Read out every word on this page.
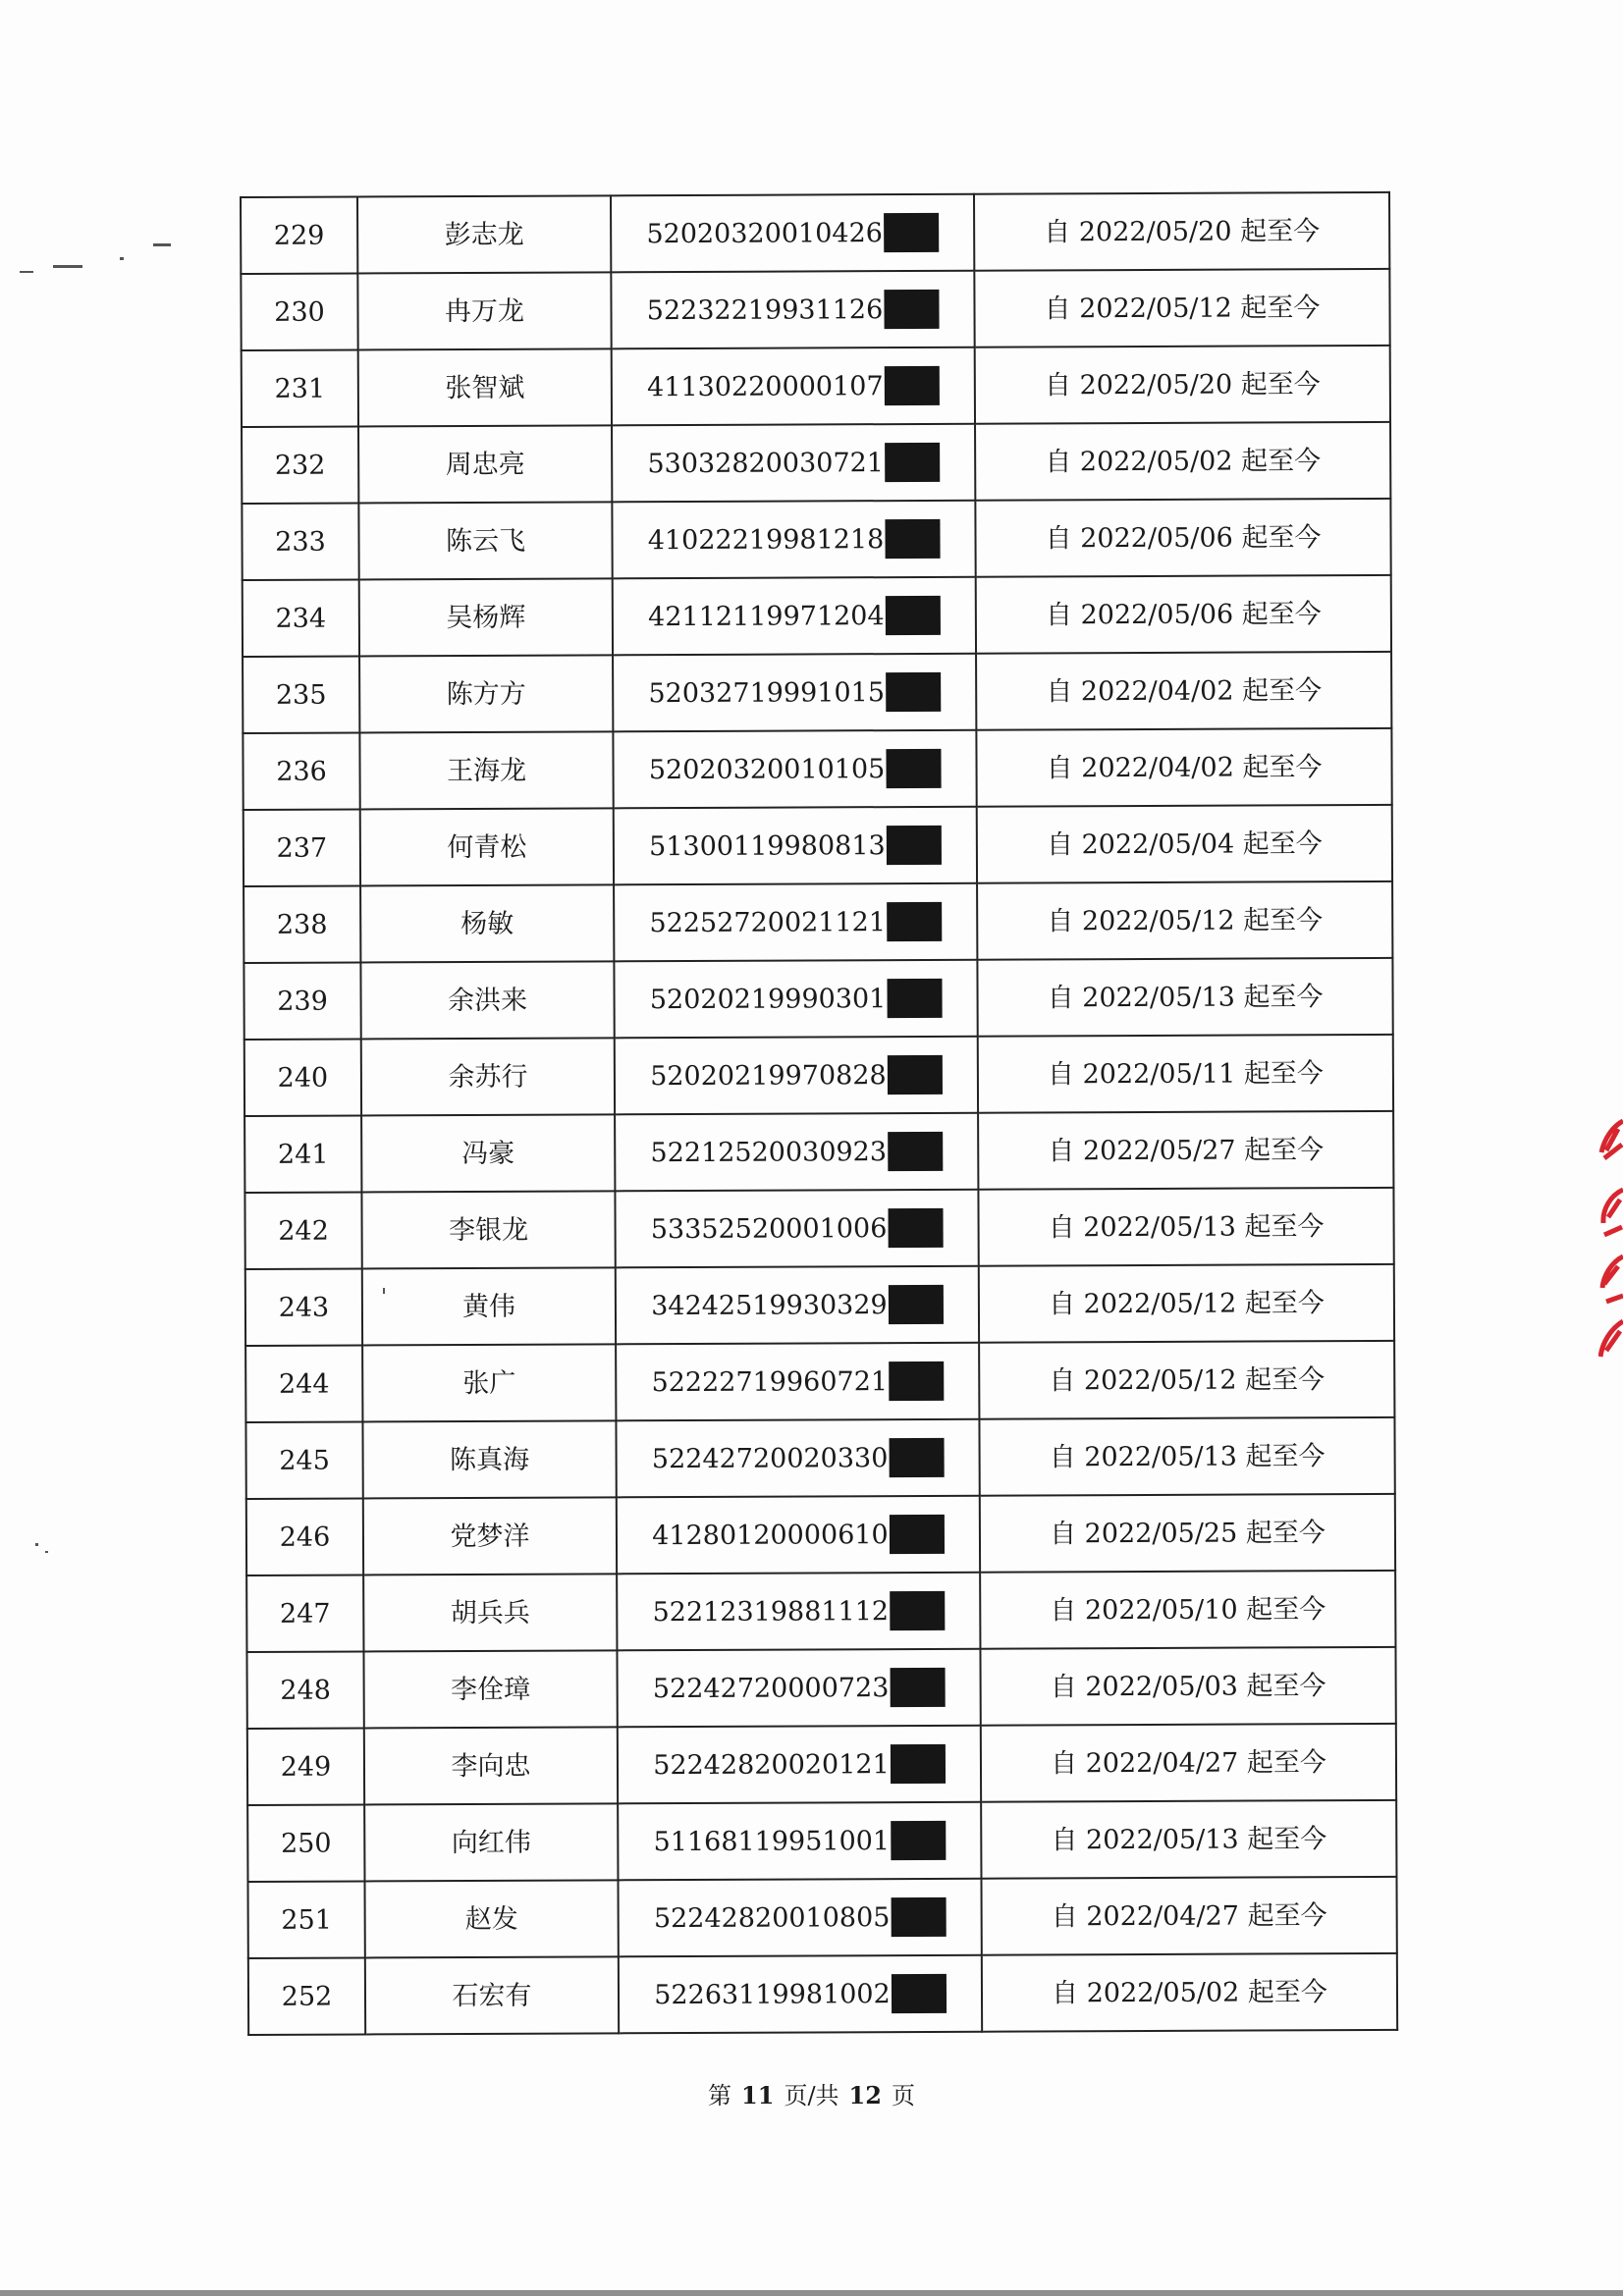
229	彭志龙	52020320010426	自 2022/05/20 起至今
230	冉万龙	52232219931126	自 2022/05/12 起至今
231	张智斌	41130220000107	自 2022/05/20 起至今
232	周忠亮	53032820030721	自 2022/05/02 起至今
233	陈云飞	41022219981218	自 2022/05/06 起至今
234	吴杨辉	42112119971204	自 2022/05/06 起至今
235	陈方方	52032719991015	自 2022/04/02 起至今
236	王海龙	52020320010105	自 2022/04/02 起至今
237	何青松	51300119980813	自 2022/05/04 起至今
238	杨敏	52252720021121	自 2022/05/12 起至今
239	余洪来	52020219990301	自 2022/05/13 起至今
240	余苏行	52020219970828	自 2022/05/11 起至今
241	冯豪	52212520030923	自 2022/05/27 起至今
242	李银龙	53352520001006	自 2022/05/13 起至今
243	黄伟	34242519930329	自 2022/05/12 起至今
244	张广	52222719960721	自 2022/05/12 起至今
245	陈真海	52242720020330	自 2022/05/13 起至今
246	党梦洋	41280120000610	自 2022/05/25 起至今
247	胡兵兵	52212319881112	自 2022/05/10 起至今
248	李佺璋	52242720000723	自 2022/05/03 起至今
249	李向忠	52242820020121	自 2022/04/27 起至今
250	向红伟	51168119951001	自 2022/05/13 起至今
251	赵发	52242820010805	自 2022/04/27 起至今
252	石宏有	52263119981002	自 2022/05/02 起至今
第 11 页/共 12 页
